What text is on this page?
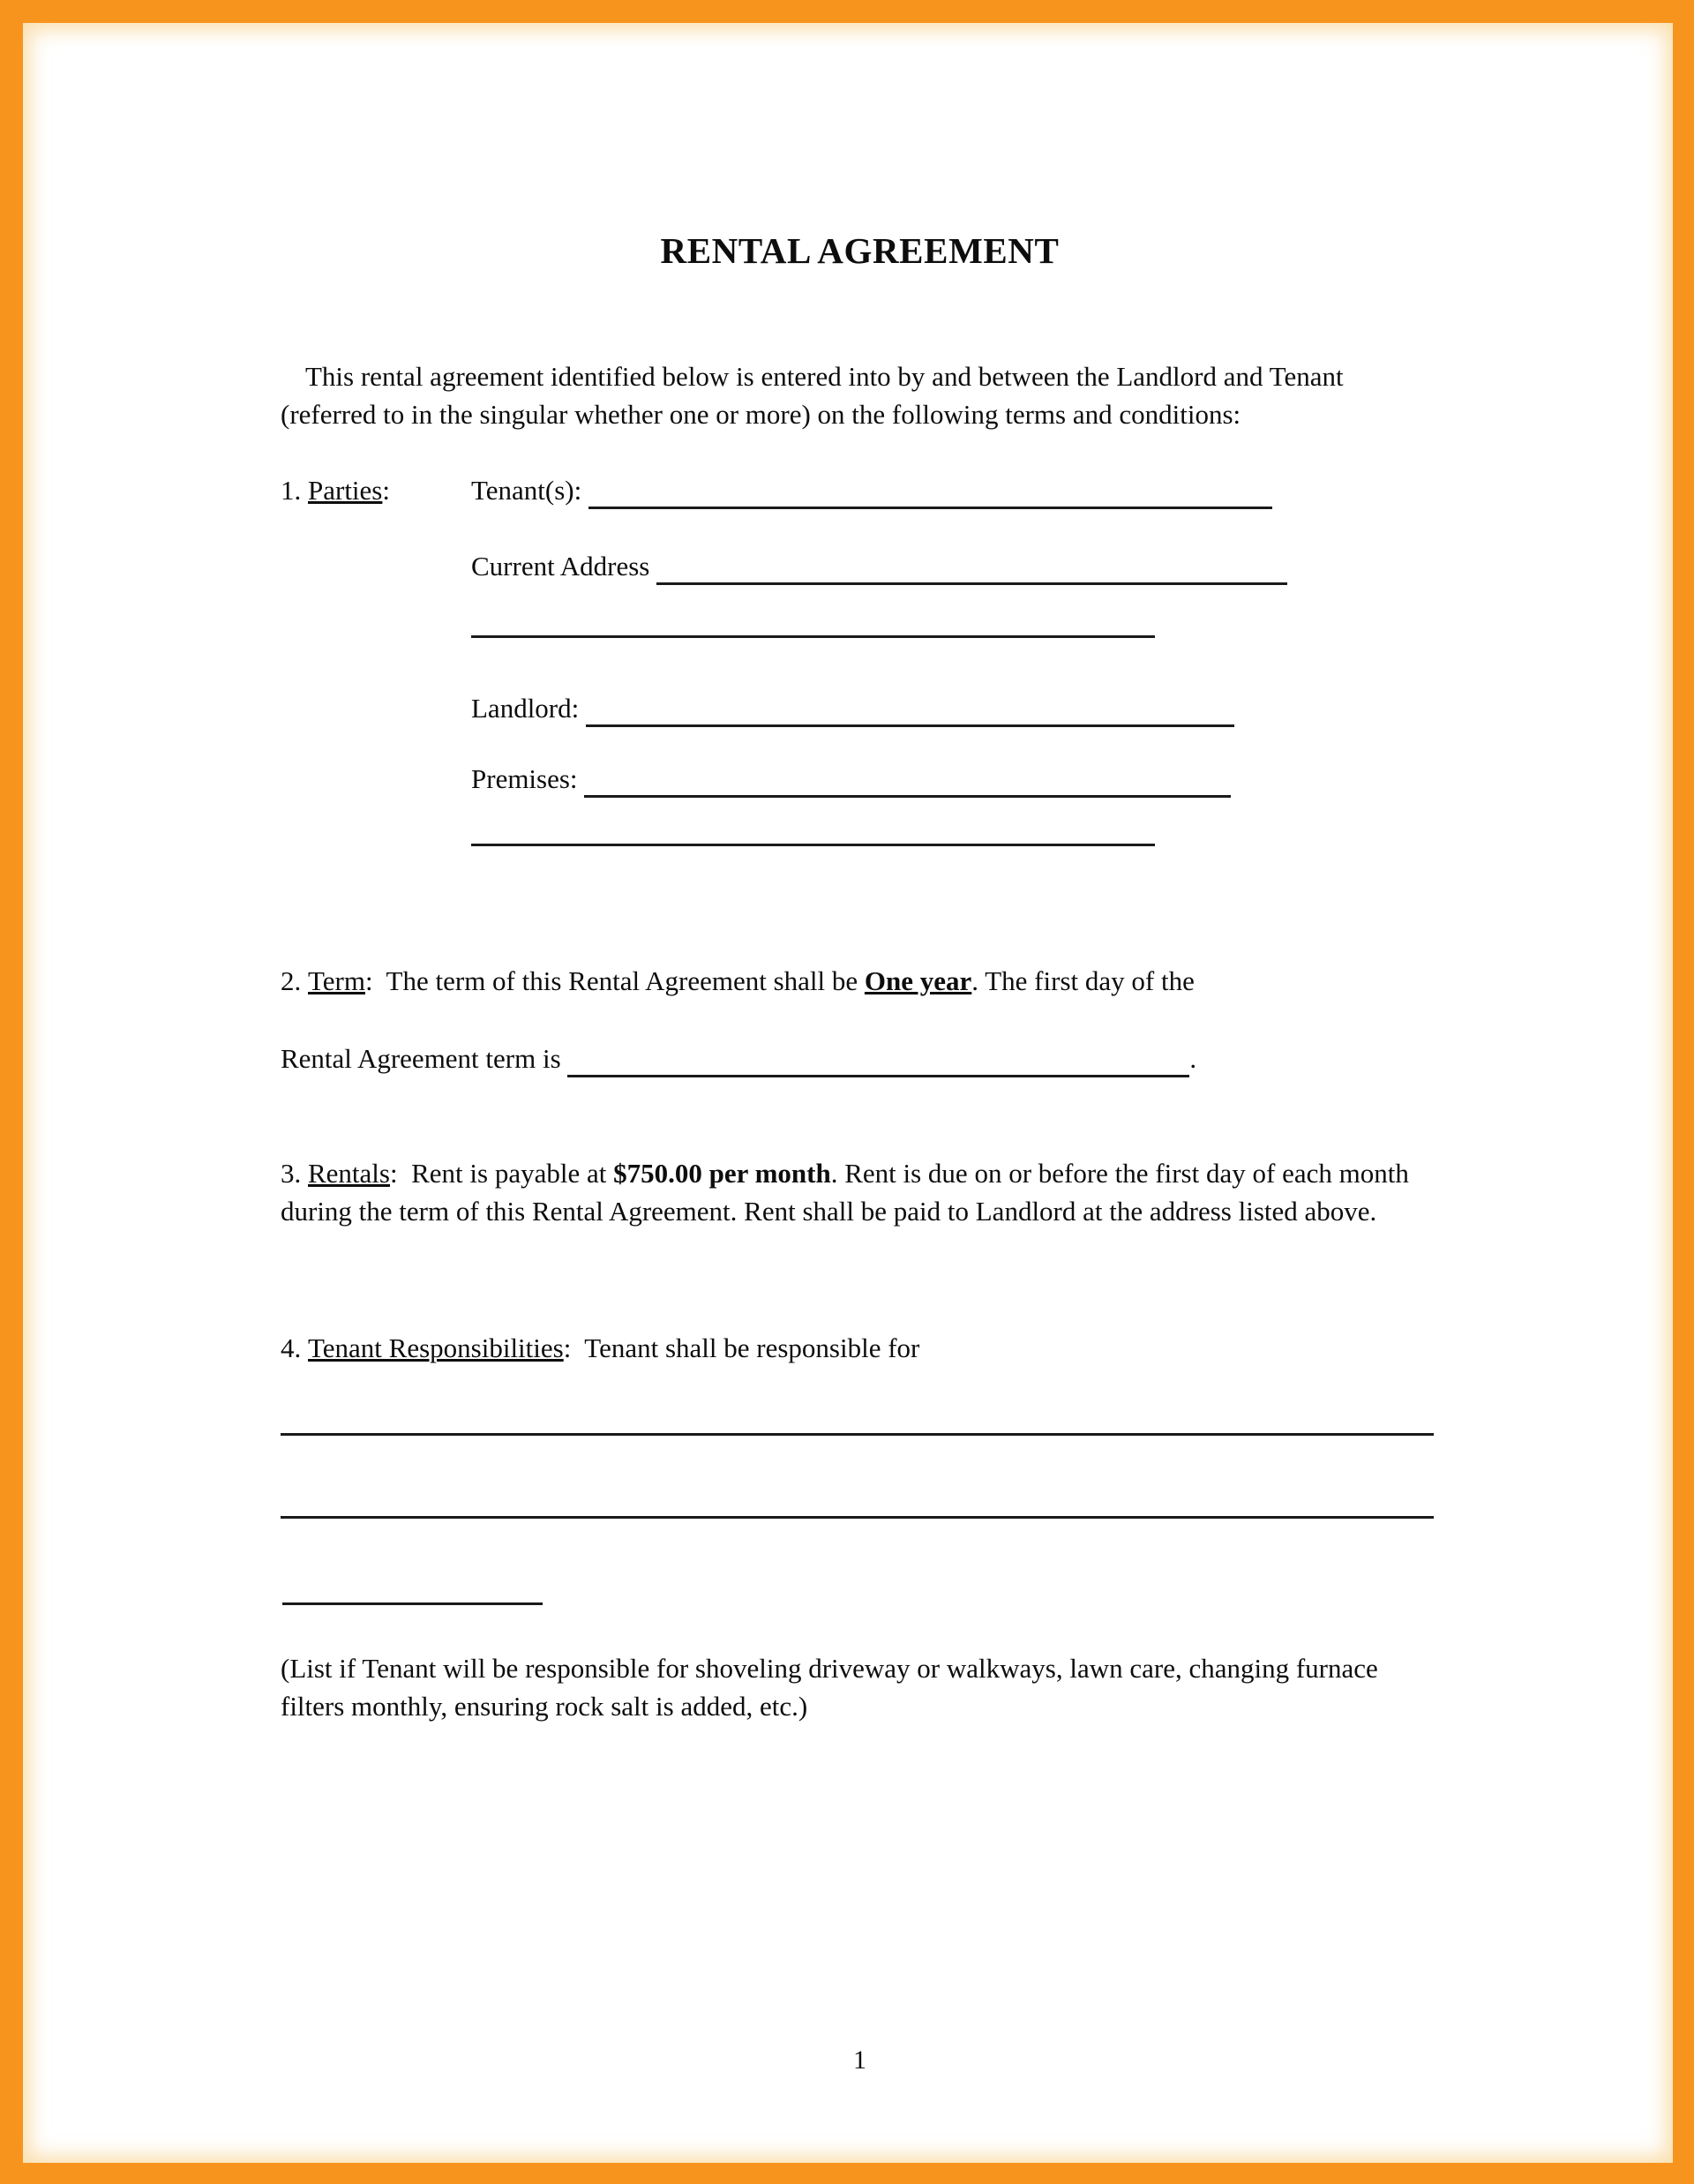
RENTAL AGREEMENT

This rental agreement identified below is entered into by and between the Landlord and Tenant (referred to in the singular whether one or more) on the following terms and conditions:

1. Parties:	Tenant(s):
Current Address
Landlord:
Premises:
2. Term: The term of this Rental Agreement shall be One year. The first day of the
Rental Agreement term is	.
3. Rentals: Rent is payable at $750.00 per month. Rent is due on or before the first day of each month during the term of this Rental Agreement. Rent shall be paid to Landlord at the address listed above.
4. Tenant Responsibilities: Tenant shall be responsible for

(List if Tenant will be responsible for shoveling driveway or walkways, lawn care, changing furnace filters monthly, ensuring rock salt is added, etc.)

1
